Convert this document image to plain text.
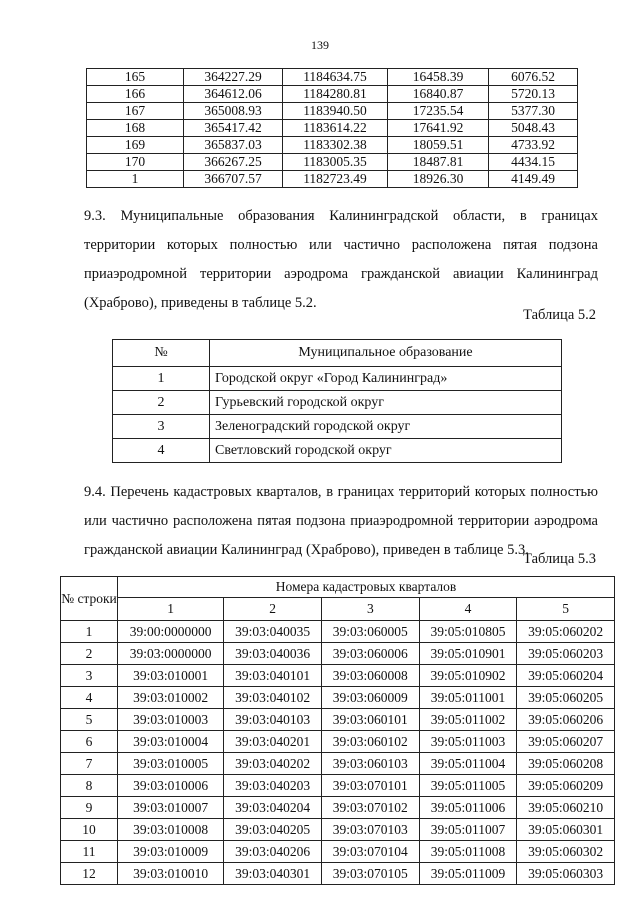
139
165	364227.29	1184634.75	16458.39	6076.52
166	364612.06	1184280.81	16840.87	5720.13
167	365008.93	1183940.50	17235.54	5377.30
168	365417.42	1183614.22	17641.92	5048.43
169	365837.03	1183302.38	18059.51	4733.92
170	366267.25	1183005.35	18487.81	4434.15
1	366707.57	1182723.49	18926.30	4149.49
9.3. Муниципальные образования Калининградской области, в границах территории которых полностью или частично расположена пятая подзона приаэродромной территории аэродрома гражданской авиации Калининград (Храброво), приведены в таблице 5.2.
Таблица 5.2
№	Муниципальное образование
1	Городской округ «Город Калининград»
2	Гурьевский городской округ
3	Зеленоградский городской округ
4	Светловский городской округ
9.4. Перечень кадастровых кварталов, в границах территорий которых полностью или частично расположена пятая подзона приаэродромной территории аэродрома гражданской авиации Калининград (Храброво), приведен в таблице 5.3.
Таблица 5.3
№ строки	Номера кадастровых кварталов				
	1	2	3	4	5
1	39:00:0000000	39:03:040035	39:03:060005	39:05:010805	39:05:060202
2	39:03:0000000	39:03:040036	39:03:060006	39:05:010901	39:05:060203
3	39:03:010001	39:03:040101	39:03:060008	39:05:010902	39:05:060204
4	39:03:010002	39:03:040102	39:03:060009	39:05:011001	39:05:060205
5	39:03:010003	39:03:040103	39:03:060101	39:05:011002	39:05:060206
6	39:03:010004	39:03:040201	39:03:060102	39:05:011003	39:05:060207
7	39:03:010005	39:03:040202	39:03:060103	39:05:011004	39:05:060208
8	39:03:010006	39:03:040203	39:03:070101	39:05:011005	39:05:060209
9	39:03:010007	39:03:040204	39:03:070102	39:05:011006	39:05:060210
10	39:03:010008	39:03:040205	39:03:070103	39:05:011007	39:05:060301
11	39:03:010009	39:03:040206	39:03:070104	39:05:011008	39:05:060302
12	39:03:010010	39:03:040301	39:03:070105	39:05:011009	39:05:060303
